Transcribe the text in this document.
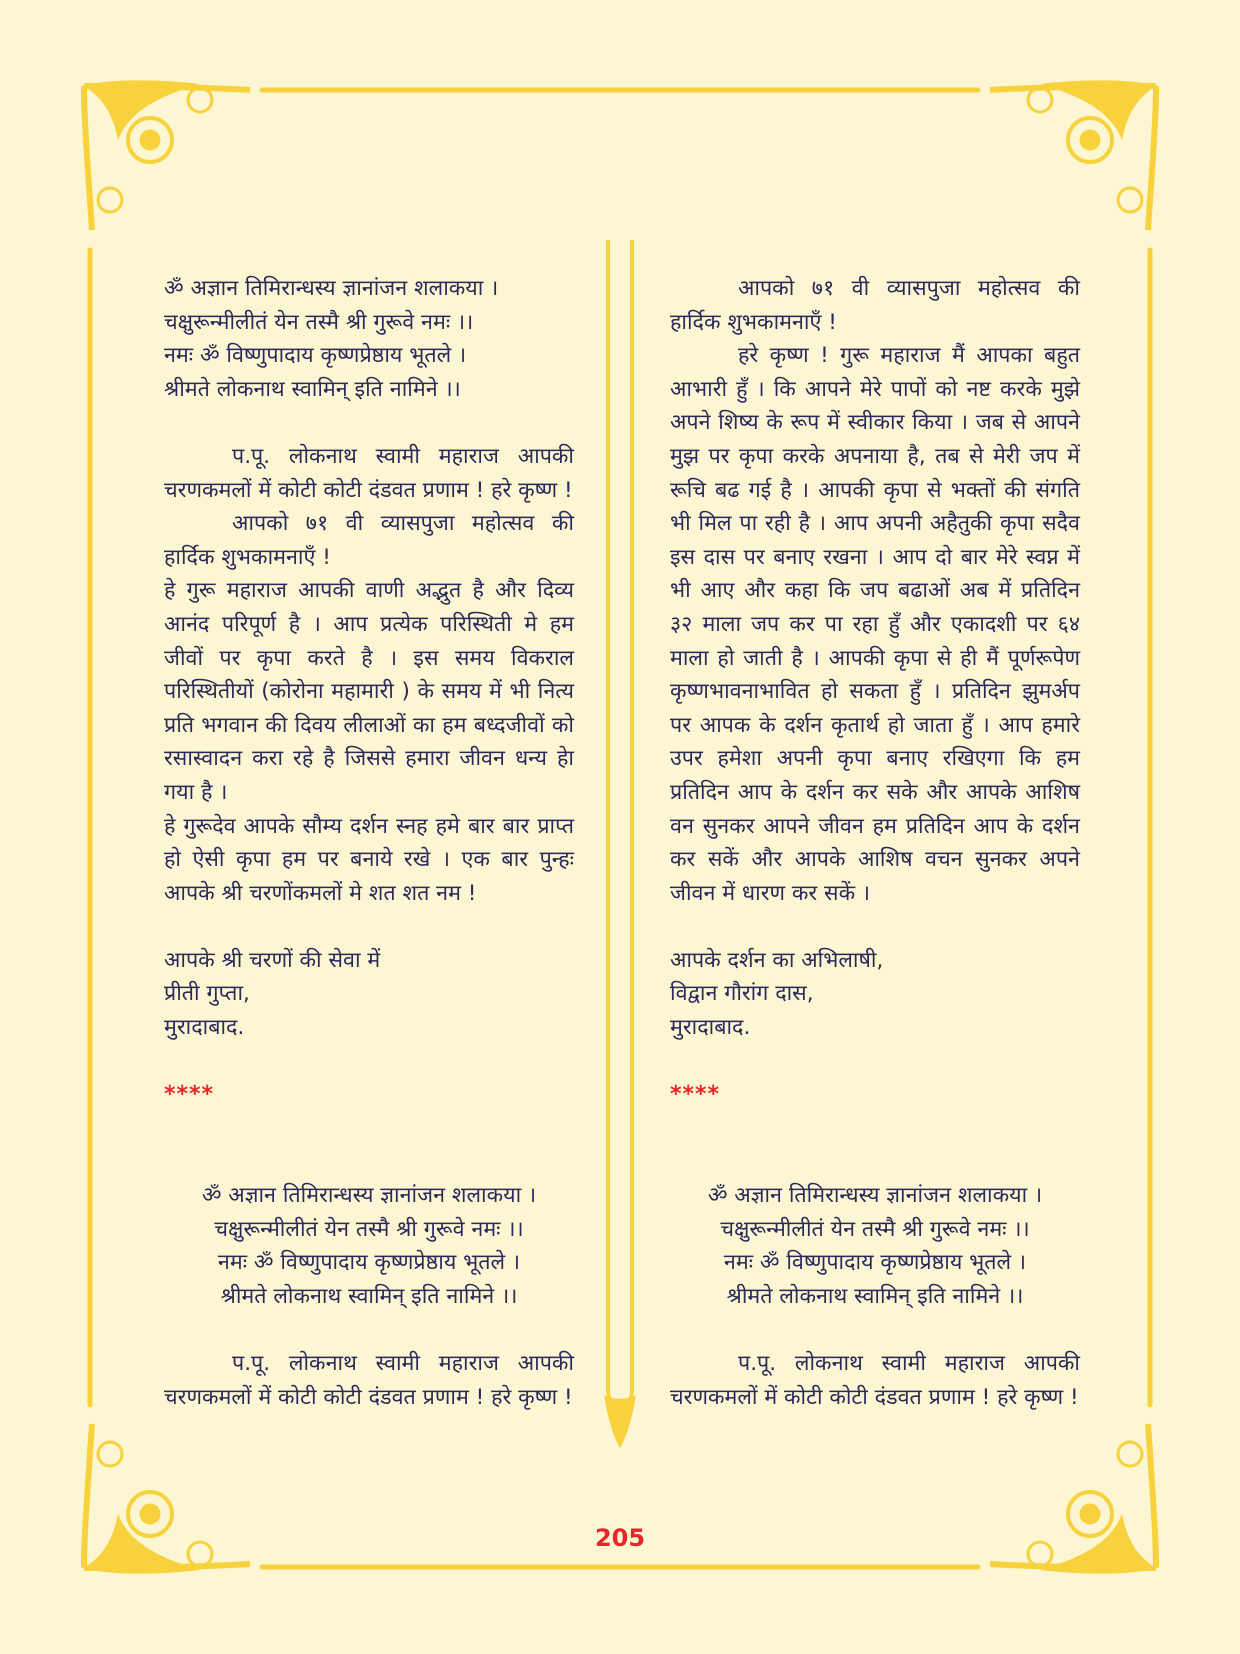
ॐ अज्ञान तिमिरान्धस्य ज्ञानांजन शलाकया ।

चक्षुरून्मीलीतं येन तस्मै श्री गुरूवे नमः ।।

नमः ॐ विष्णुपादाय कृष्णप्रेष्ठाय भूतले ।

श्रीमते लोकनाथ स्वामिन् इति नामिने ।।

प.पू. लोकनाथ स्वामी महाराज आपकी चरणकमलों में कोटी कोटी दंडवत प्रणाम ! हरे कृष्ण !

आपको ७१ वी व्यासपुजा महोत्सव की हार्दिक शुभकामनाएँ !

हे गुरू महाराज आपकी वाणी अद्भुत है और दिव्य आनंद परिपूर्ण है । आप प्रत्येक परिस्थिती मे हम जीवों पर कृपा करते है । इस समय विकराल परिस्थितीयों (कोरोना महामारी ) के समय में भी नित्य प्रति भगवान की दिवय लीलाओं का हम बध्दजीवों को रसास्वादन करा रहे है जिससे हमारा जीवन धन्य हेा गया है ।

हे गुरूदेव आपके सौम्य दर्शन स्नह हमे बार बार प्राप्त हो ऐसी कृपा हम पर बनाये रखे । एक बार पुन्हः आपके श्री चरणोंकमलों मे शत शत नम !

आपके श्री चरणों की सेवा में

प्रीती गुप्ता,

मुरादाबाद.

****

ॐ अज्ञान तिमिरान्धस्य ज्ञानांजन शलाकया ।

चक्षुरून्मीलीतं येन तस्मै श्री गुरूवे नमः ।।

नमः ॐ विष्णुपादाय कृष्णप्रेष्ठाय भूतले ।

श्रीमते लोकनाथ स्वामिन् इति नामिने ।।

प.पू. लोकनाथ स्वामी महाराज आपकी चरणकमलों में कोटी कोटी दंडवत प्रणाम ! हरे कृष्ण !

आपको ७१ वी व्यासपुजा महोत्सव की हार्दिक शुभकामनाएँ !

हरे कृष्ण ! गुरू महाराज मैं आपका बहुत आभारी हुँ । कि आपने मेरे पापों को नष्ट करके मुझे अपने शिष्य के रूप में स्वीकार किया । जब से आपने मुझ पर कृपा करके अपनाया है, तब से मेरी जप में रूचि बढ गई है । आपकी कृपा से भक्तों की संगति भी मिल पा रही है । आप अपनी अहैतुकी कृपा सदैव इस दास पर बनाए रखना । आप दो बार मेरे स्वप्न में भी आए और कहा कि जप बढाओं अब में प्रतिदिन ३२ माला जप कर पा रहा हुँ और एकादशी पर ६४ माला हो जाती है । आपकी कृपा से ही मैं पूर्णरूपेण कृष्णभावनाभावित हो सकता हुँ । प्रतिदिन झुमर्अप पर आपक के दर्शन कृतार्थ हो जाता हुँ । आप हमारे उपर हमेशा अपनी कृपा बनाए रखिएगा कि हम प्रतिदिन आप के दर्शन कर सके और आपके आशिष वन सुनकर आपने जीवन हम प्रतिदिन आप के दर्शन कर सकें और आपके आशिष वचन सुनकर अपने जीवन में धारण कर सकें ।

आपके दर्शन का अभिलाषी,

विद्वान गौरांग दास,

मुरादाबाद.

****

ॐ अज्ञान तिमिरान्धस्य ज्ञानांजन शलाकया ।

चक्षुरून्मीलीतं येन तस्मै श्री गुरूवे नमः ।।

नमः ॐ विष्णुपादाय कृष्णप्रेष्ठाय भूतले ।

श्रीमते लोकनाथ स्वामिन् इति नामिने ।।

प.पू. लोकनाथ स्वामी महाराज आपकी चरणकमलों में कोटी कोटी दंडवत प्रणाम ! हरे कृष्ण !

205
